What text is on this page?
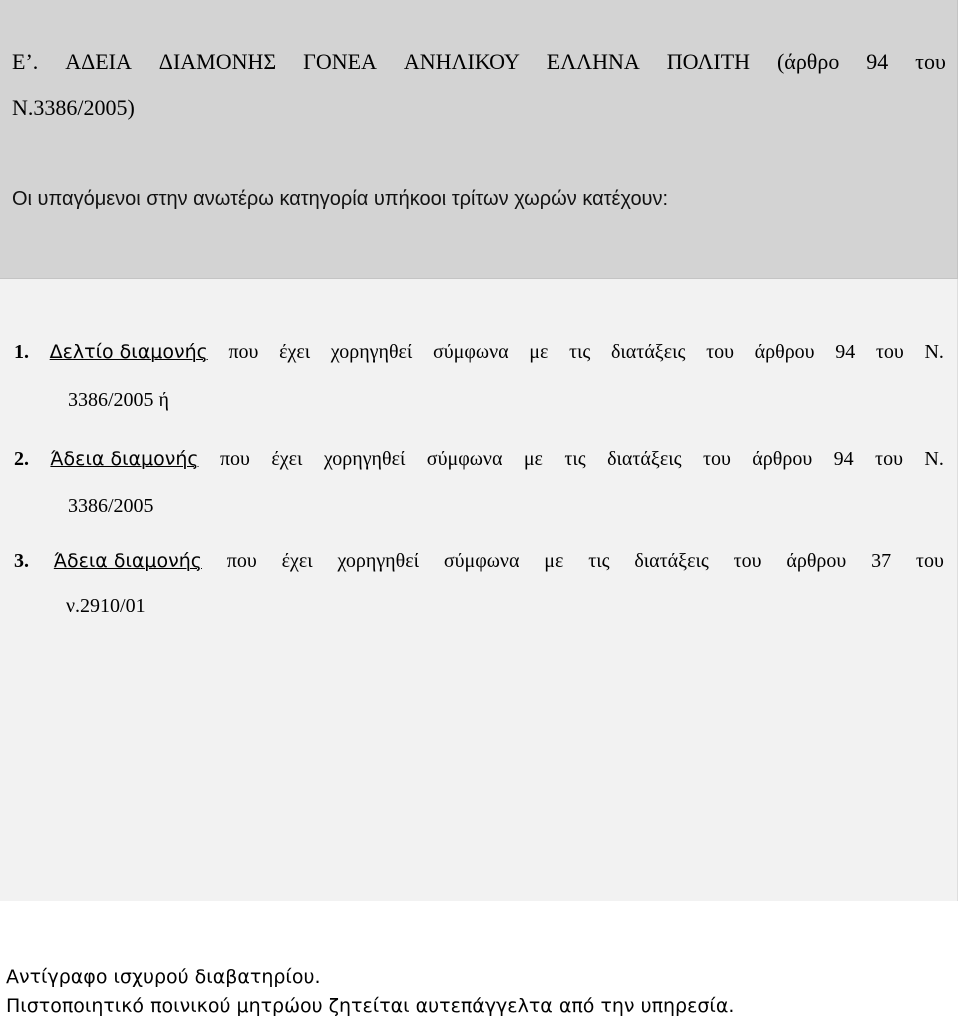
Ε’. ΑΔΕΙΑ ΔΙΑΜΟΝΗΣ ΓΟΝΕΑ ΑΝΗΛΙΚΟΥ ΕΛΛΗΝΑ ΠΟΛΙΤΗ (άρθρο 94 του
Ν.3386/2005)
Οι υπαγόμενοι στην ανωτέρω κατηγορία υπήκοοι τρίτων χωρών κατέχουν:
1. Δελτίο διαμονής που έχει χορηγηθεί σύμφωνα με τις διατάξεις του άρθρου 94 του Ν.
3386/2005 ή
2. Άδεια διαμονής που έχει χορηγηθεί σύμφωνα με τις διατάξεις του άρθρου 94 του Ν.
3386/2005
3. Άδεια διαμονής που έχει χορηγηθεί σύμφωνα με τις διατάξεις του άρθρου 37 του
ν.2910/01
Αντίγραφο ισχυρού διαβατηρίου.
Πιστοποιητικό ποινικού μητρώου ζητείται αυτεπάγγελτα από την υπηρεσία.
